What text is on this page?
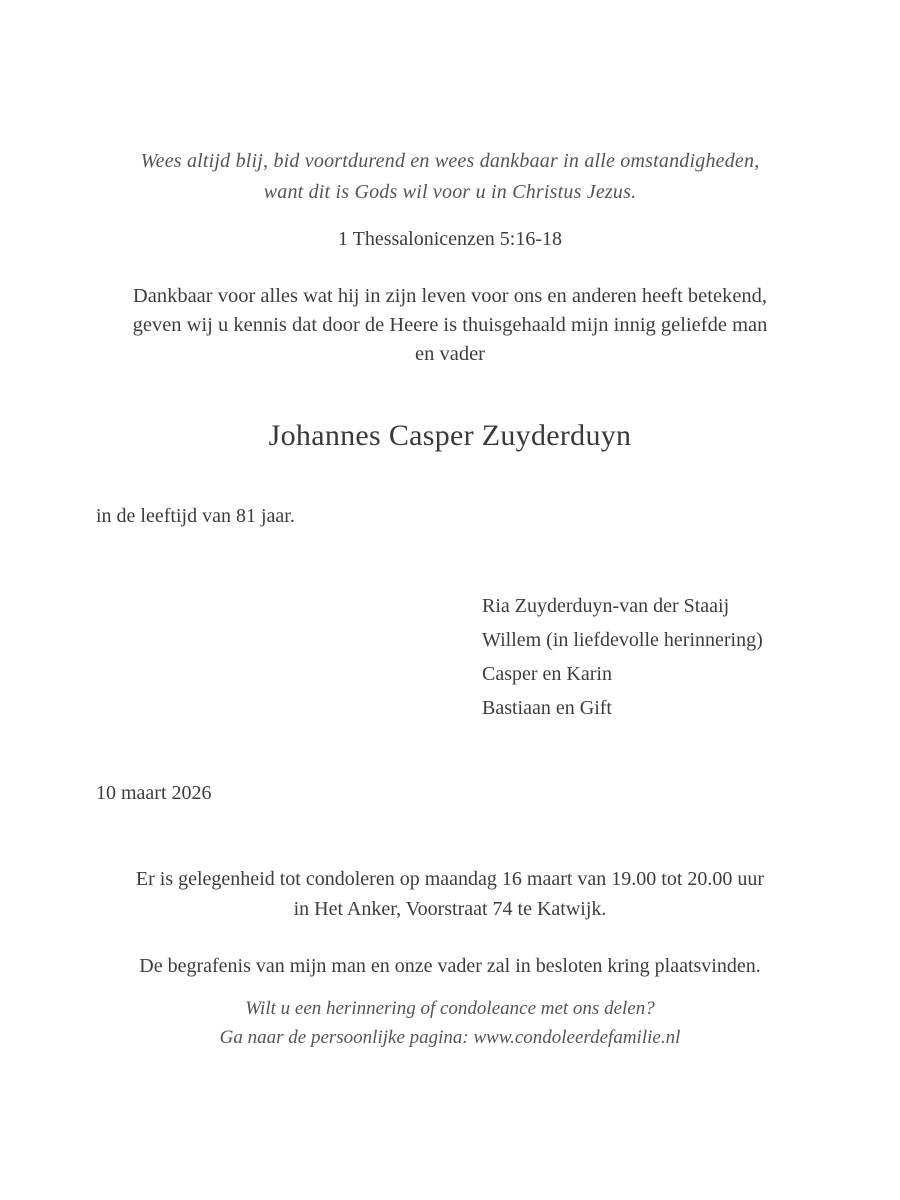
Wees altijd blij, bid voortdurend en wees dankbaar in alle omstandigheden,
want dit is Gods wil voor u in Christus Jezus.
1 Thessalonicenzen 5:16-18
Dankbaar voor alles wat hij in zijn leven voor ons en anderen heeft betekend,
geven wij u kennis dat door de Heere is thuisgehaald mijn innig geliefde man
en vader
Johannes Casper Zuyderduyn
in de leeftijd van 81 jaar.
Ria Zuyderduyn-van der Staaij
Willem (in liefdevolle herinnering)
Casper en Karin
Bastiaan en Gift
10 maart 2026
Er is gelegenheid tot condoleren op maandag 16 maart van 19.00 tot 20.00 uur
in Het Anker, Voorstraat 74 te Katwijk.
De begrafenis van mijn man en onze vader zal in besloten kring plaatsvinden.
Wilt u een herinnering of condoleance met ons delen?
Ga naar de persoonlijke pagina: www.condoleerdefamilie.nl
